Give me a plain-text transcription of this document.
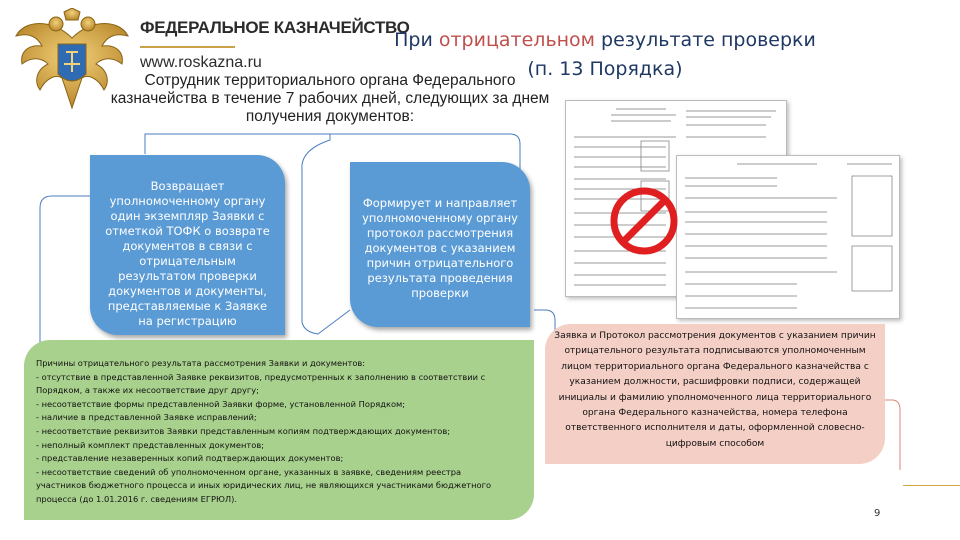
ФЕДЕРАЛЬНОЕ КАЗНАЧЕЙСТВО
www.roskazna.ru
При отрицательном результате проверки
(п. 13 Порядка)
Сотрудник территориального органа Федерального казначейства в течение 7 рабочих дней, следующих за днем получения документов:
Возвращает уполномоченному органу один экземпляр Заявки с отметкой ТОФК о возврате документов в связи с отрицательным результатом проверки документов и документы, представляемые к Заявке на регистрацию
Формирует и направляет уполномоченному органу протокол рассмотрения документов с указанием причин отрицательного результата проведения проверки

Причины отрицательного результата рассмотрения Заявки и документов:

- отсутствие в представленной Заявке реквизитов, предусмотренных к заполнению в соответствии с

Порядком, а также их несоответствие друг другу;

- несоответствие формы представленной Заявки форме, установленной Порядком;

- наличие в представленной Заявке исправлений;

- несоответствие реквизитов Заявки представленным копиям подтверждающих документов;

- неполный комплект представленных документов;

- представление незаверенных копий подтверждающих документов;

- несоответствие сведений об уполномоченном органе, указанных в заявке, сведениям реестра

участников бюджетного процесса и иных юридических лиц, не являющихся участниками бюджетного

процесса (до 1.01.2016 г. сведениям ЕГРЮЛ).

Заявка и Протокол рассмотрения документов с указанием причин отрицательного результата подписываются уполномоченным лицом территориального органа Федерального казначейства с указанием должности, расшифровки подписи, содержащей инициалы и фамилию уполномоченного лица территориального органа Федерального казначейства, номера телефона ответственного исполнителя и даты, оформленной словесно-цифровым способом
9
